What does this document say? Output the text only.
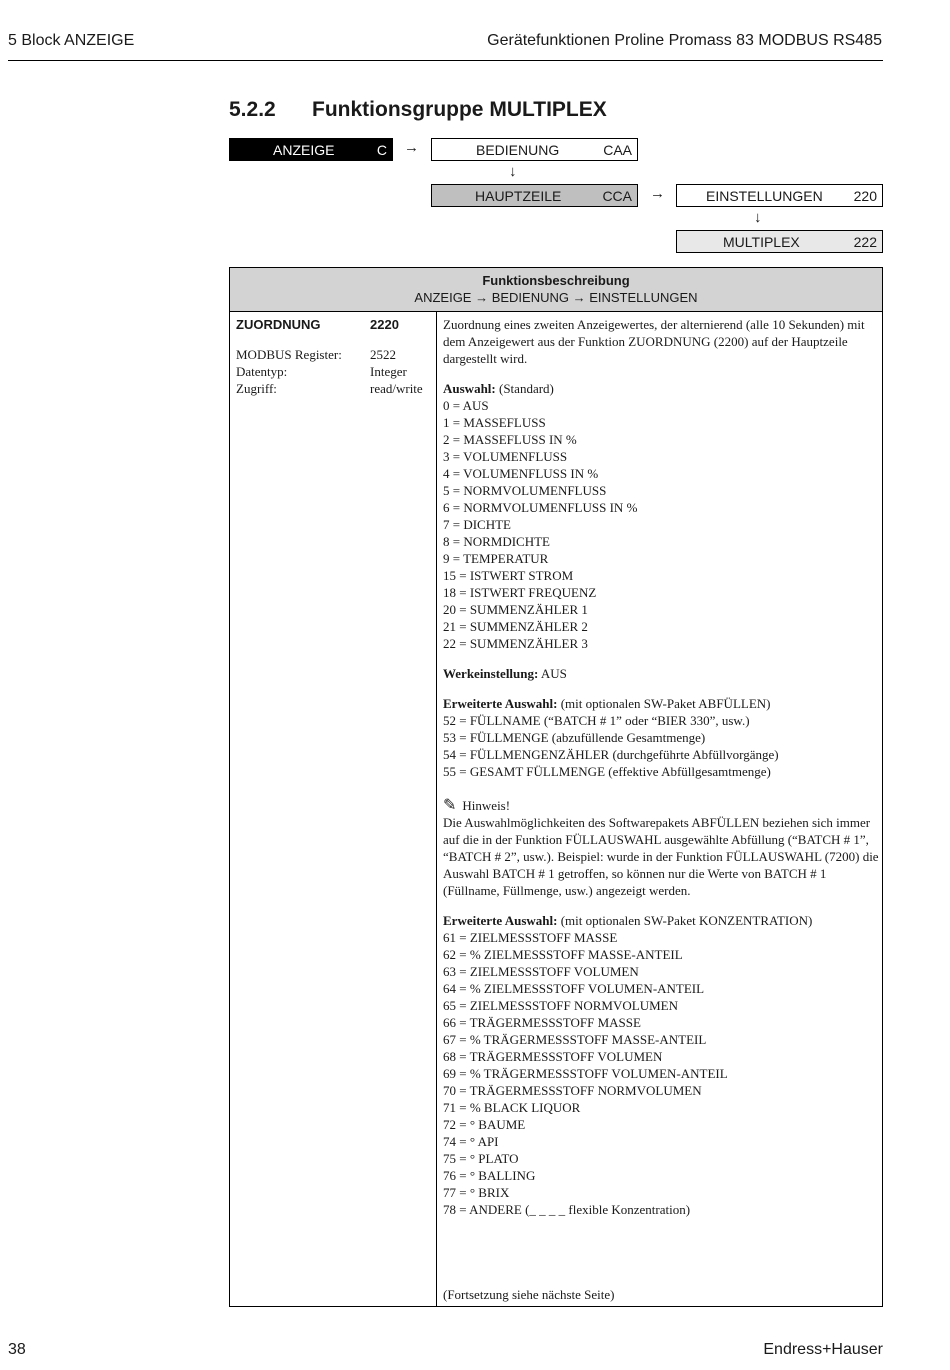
5 Block ANZEIGE	Gerätefunktionen Proline Promass 83 MODBUS RS485
5.2.2 Funktionsgruppe MULTIPLEX
ANZEIGE	C →	BEDIENUNG	CAA
↓
HAUPTZEILE	CCA →	EINSTELLUNGEN 220
↓
MULTIPLEX	222
Funktionsbeschreibung
ANZEIGE → BEDIENUNG → EINSTELLUNGEN
ZUORDNUNG	2220
MODBUS Register: 2522
Datentyp:	Integer
Zugriff:	read/write

Zuordnung eines zweiten Anzeigewertes, der alternierend (alle 10 Sekunden) mit dem Anzeigewert aus der Funktion ZUORDNUNG (2200) auf der Hauptzeile dargestellt wird.

Auswahl: (Standard)

0 = AUS
1 = MASSEFLUSS
2 = MASSEFLUSS IN %
3 = VOLUMENFLUSS
4 = VOLUMENFLUSS IN %
5 = NORMVOLUMENFLUSS
6 = NORMVOLUMENFLUSS IN %
7 = DICHTE
8 = NORMDICHTE
9 = TEMPERATUR
15 = ISTWERT STROM
18 = ISTWERT FREQUENZ
20 = SUMMENZÄHLER 1
21 = SUMMENZÄHLER 2
22 = SUMMENZÄHLER 3

Werkeinstellung: AUS

Erweiterte Auswahl: (mit optionalen SW-Paket ABFÜLLEN)

52 = FÜLLNAME (“BATCH # 1” oder “BIER 330”, usw.)
53 = FÜLLMENGE (abzufüllende Gesamtmenge)
54 = FÜLLMENGENZÄHLER (durchgeführte Abfüllvorgänge)
55 = GESAMT FÜLLMENGE (effektive Abfüllgesamtmenge)

✎ Hinweis!

Die Auswahlmöglichkeiten des Softwarepakets ABFÜLLEN beziehen sich immer auf die in der Funktion FÜLLAUSWAHL ausgewählte Abfüllung (“BATCH # 1”, “BATCH # 2”, usw.). Beispiel: wurde in der Funktion FÜLLAUSWAHL (7200) die Auswahl BATCH # 1 getroffen, so können nur die Werte von BATCH # 1 (Füllname, Füllmenge, usw.) angezeigt werden.

Erweiterte Auswahl: (mit optionalen SW-Paket KONZENTRATION)

61 = ZIELMESSSTOFF MASSE
62 = % ZIELMESSSTOFF MASSE-ANTEIL
63 = ZIELMESSSTOFF VOLUMEN
64 = % ZIELMESSSTOFF VOLUMEN-ANTEIL
65 = ZIELMESSSTOFF NORMVOLUMEN
66 = TRÄGERMESSSTOFF MASSE
67 = % TRÄGERMESSSTOFF MASSE-ANTEIL
68 = TRÄGERMESSSTOFF VOLUMEN
69 = % TRÄGERMESSSTOFF VOLUMEN-ANTEIL
70 = TRÄGERMESSSTOFF NORMVOLUMEN
71 = % BLACK LIQUOR
72 = ° BAUME
74 = ° API
75 = ° PLATO
76 = ° BALLING
77 = ° BRIX
78 = ANDERE (_ _ _ _ flexible Konzentration)
(Fortsetzung siehe nächste Seite)
38	Endress+Hauser
